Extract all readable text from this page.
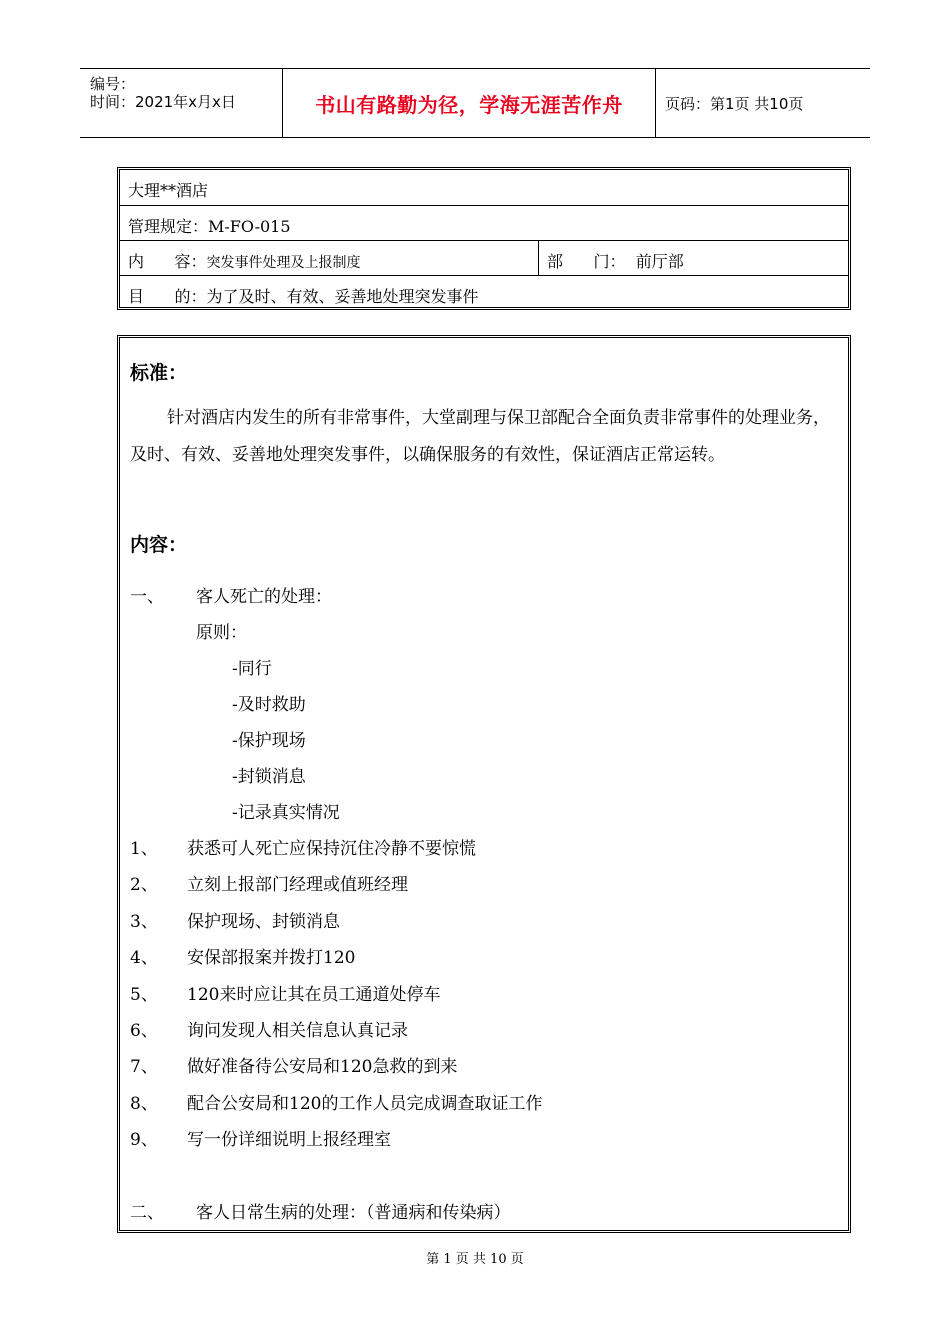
编号：
时间：2021年x月x日	书山有路勤为径，学海无涯苦作舟	页码：第1页 共10页
大理**酒店
管理规定：M-FO-015
内      容：突发事件处理及上报制度	部      门：  前厅部
目      的：为了及时、有效、妥善地处理突发事件
标准：
针对酒店内发生的所有非常事件，大堂副理与保卫部配合全面负责非常事件的处理业务，及时、有效、妥善地处理突发事件，以确保服务的有效性，保证酒店正常运转。
内容：
一、 客人死亡的处理：
原则：
-同行
-及时救助
-保护现场
-封锁消息
-记录真实情况
1、 获悉可人死亡应保持沉住冷静不要惊慌
2、 立刻上报部门经理或值班经理
3、 保护现场、封锁消息
4、 安保部报案并拨打120
5、 120来时应让其在员工通道处停车
6、 询问发现人相关信息认真记录
7、 做好准备待公安局和120急救的到来
8、 配合公安局和120的工作人员完成调查取证工作
9、 写一份详细说明上报经理室
二、 客人日常生病的处理：（普通病和传染病）
第 1 页 共 10 页
